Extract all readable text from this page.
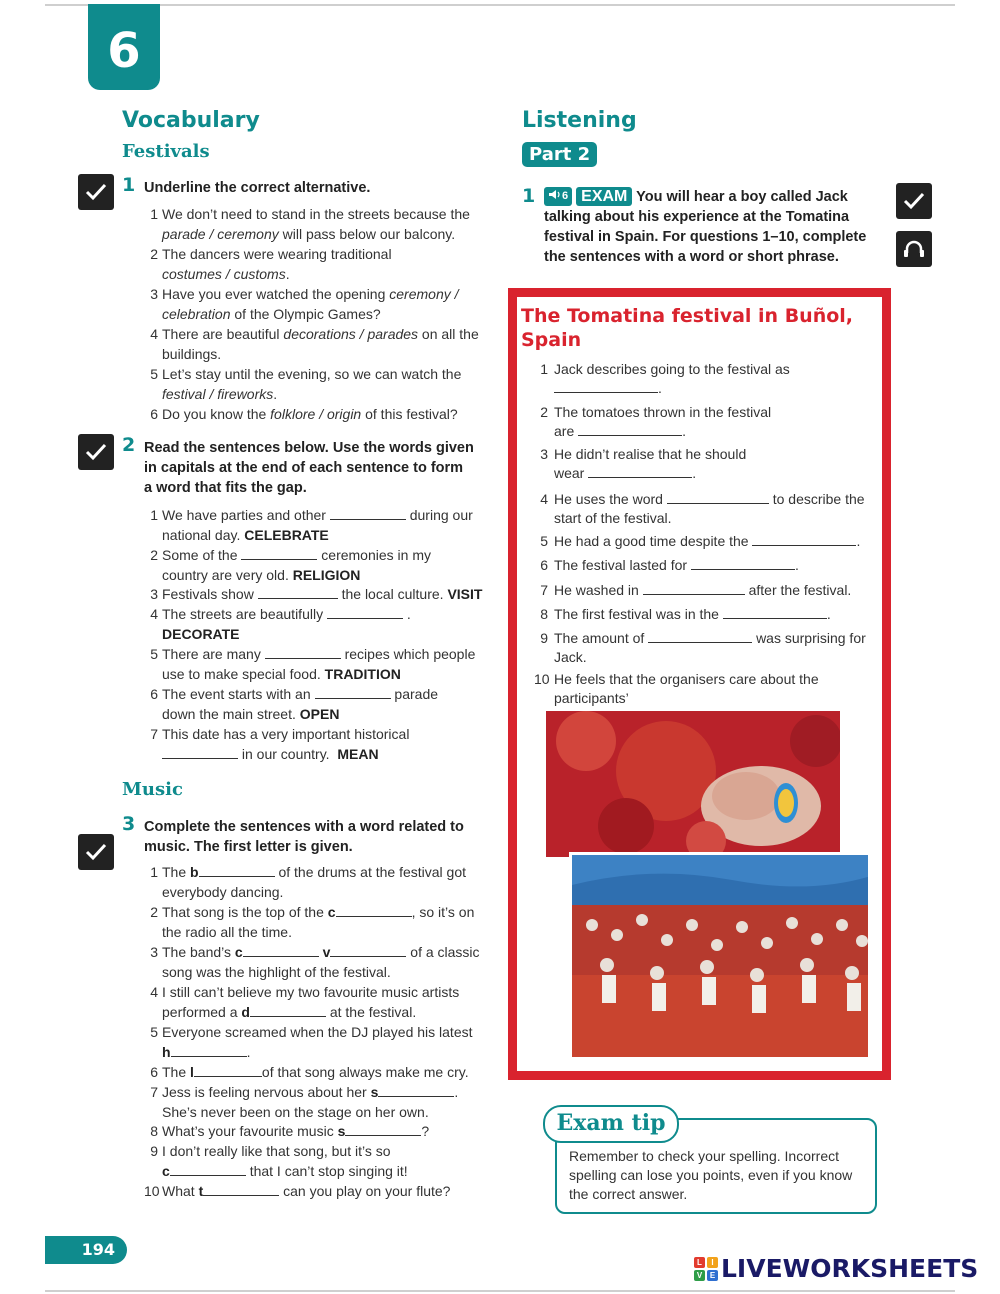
6
Vocabulary
Festivals
1 Underline the correct alternative.
1 We don’t need to stand in the streets because the
parade / ceremony will pass below our balcony.
2 The dancers were wearing traditional
costumes / customs.
3 Have you ever watched the opening ceremony / celebration of the Olympic Games?
4 There are beautiful decorations / parades on all the buildings.
5 Let’s stay until the evening, so we can watch the
festival / fireworks.
6 Do you know the folklore / origin of this festival?
2 Read the sentences below. Use the words given
in capitals at the end of each sentence to form
a word that fits the gap.
1 We have parties and other	during our
national day. CELEBRATE
2 Some of the	ceremonies in my
country are very old. RELIGION
3 Festivals show	the local culture. VISIT
4 The streets are beautifully	.
DECORATE
5 There are many	recipes which people
use to make special food. TRADITION
6 The event starts with an	parade
down the main street. OPEN
7 This date has a very important historical
in our country. MEAN
Music
3 Complete the sentences with a word related to
music. The first letter is given.
1 The b	of the drums at the festival got
everybody dancing.
2 That song is the top of the c	, so it’s on
the radio all the time.
3 The band’s c	v	of a classic
song was the highlight of the festival.
4 I still can’t believe my two favourite music artists
performed a d	at the festival.
5 Everyone screamed when the DJ played his latest
h	.
6 The l	of that song always make me cry.
7 Jess is feeling nervous about her s	.
She’s never been on the stage on her own.
8 What’s your favourite music s	?
9 I don’t really like that song, but it’s so
c	that I can’t stop singing it!
10 What t	can you play on your flute?
Listening
Part 2
1	6 EXAM You will hear a boy called Jack
talking about his experience at the Tomatina
festival in Spain. For questions 1–10, complete
the sentences with a word or short phrase.
The Tomatina festival in Buñol,
Spain
1 Jack describes going to the festival as
.
2 The tomatoes thrown in the festival
are	.
3 He didn’t realise that he should
wear	.
4 He uses the word	to describe the
start of the festival.
5 He had a good time despite the	.
6 The festival lasted for	.
7 He washed in	after the festival.
8 The first festival was in the	.
9 The amount of	was surprising for
Jack.
10 He feels that the organisers care about the participants’

Exam tip
Remember to check your spelling. Incorrect spelling can lose you points, even if you know the correct answer.
194
L	I
V E LIVEWORKSHEETS
